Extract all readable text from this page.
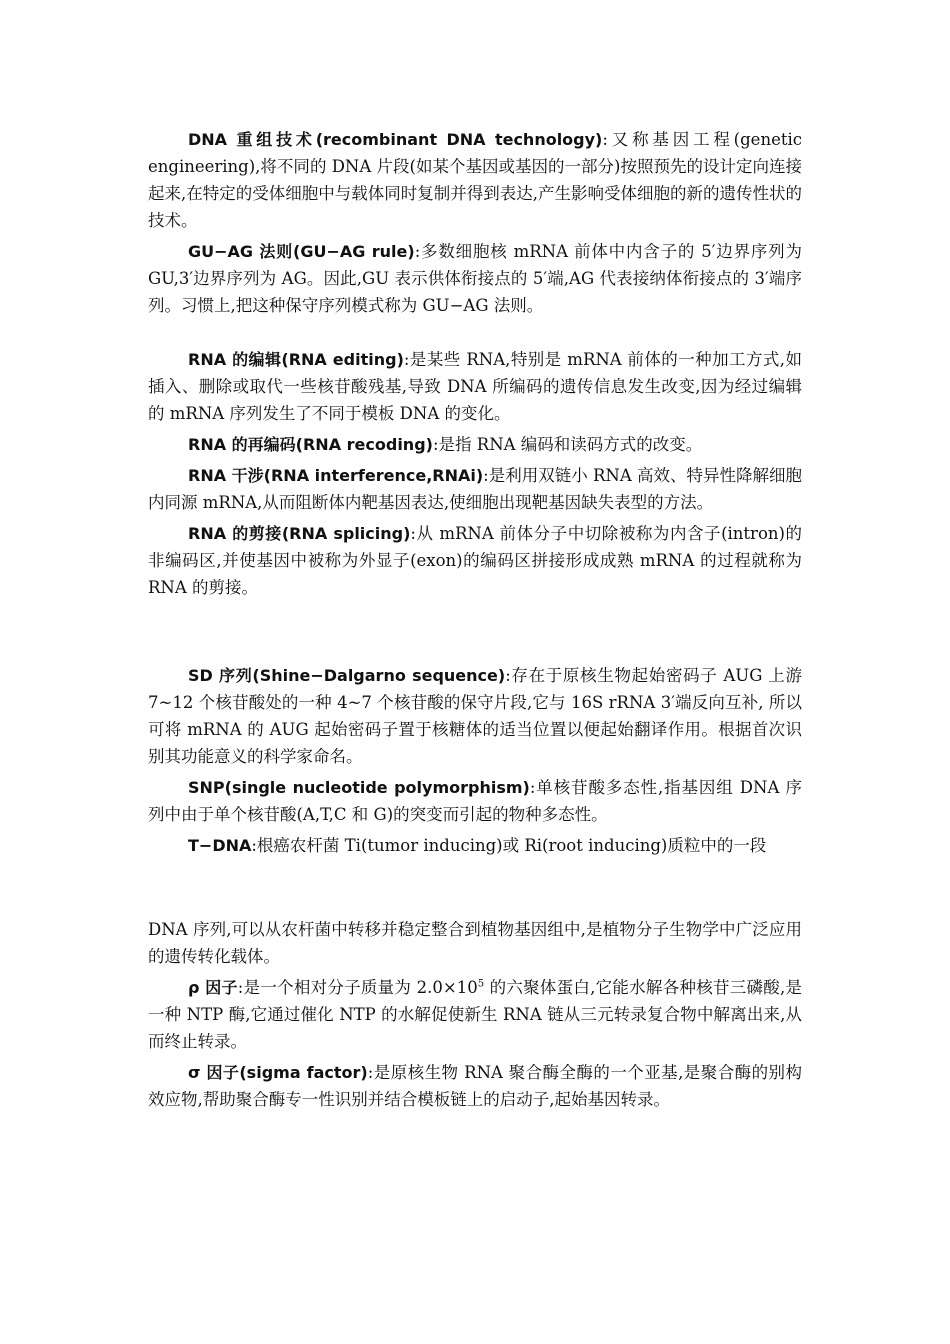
DNA 重组技术(recombinant DNA technology):又称基因工程(genetic engineering),将不同的 DNA 片段(如某个基因或基因的一部分)按照预先的设计定向连接起来,在特定的受体细胞中与载体同时复制并得到表达,产生影响受体细胞的新的遗传性状的技术。

GU−AG 法则(GU−AG rule):多数细胞核 mRNA 前体中内含子的 5′边界序列为 GU,3′边界序列为 AG。因此,GU 表示供体衔接点的 5′端,AG 代表接纳体衔接点的 3′端序列。习惯上,把这种保守序列模式称为 GU−AG 法则。

RNA 的编辑(RNA editing):是某些 RNA,特别是 mRNA 前体的一种加工方式,如插入、删除或取代一些核苷酸残基,导致 DNA 所编码的遗传信息发生改变,因为经过编辑的 mRNA 序列发生了不同于模板 DNA 的变化。

RNA 的再编码(RNA recoding):是指 RNA 编码和读码方式的改变。

RNA 干涉(RNA interference,RNAi):是利用双链小 RNA 高效、特异性降解细胞内同源 mRNA,从而阻断体内靶基因表达,使细胞出现靶基因缺失表型的方法。

RNA 的剪接(RNA splicing):从 mRNA 前体分子中切除被称为内含子(intron)的非编码区,并使基因中被称为外显子(exon)的编码区拼接形成成熟 mRNA 的过程就称为 RNA 的剪接。

SD 序列(Shine−Dalgarno sequence):存在于原核生物起始密码子 AUG 上游 7~12 个核苷酸处的一种 4~7 个核苷酸的保守片段,它与 16S rRNA 3′端反向互补, 所以可将 mRNA 的 AUG 起始密码子置于核糖体的适当位置以便起始翻译作用。根据首次识别其功能意义的科学家命名。

SNP(single nucleotide polymorphism):单核苷酸多态性,指基因组 DNA 序列中由于单个核苷酸(A,T,C 和 G)的突变而引起的物种多态性。

T−DNA:根癌农杆菌 Ti(tumor inducing)或 Ri(root inducing)质粒中的一段

DNA 序列,可以从农杆菌中转移并稳定整合到植物基因组中,是植物分子生物学中广泛应用的遗传转化载体。

ρ 因子:是一个相对分子质量为 $2.0\times 10^5$ 的六聚体蛋白,它能水解各种核苷三磷酸,是一种 NTP 酶,它通过催化 NTP 的水解促使新生 RNA 链从三元转录复合物中解离出来,从而终止转录。

σ 因子(sigma factor):是原核生物 RNA 聚合酶全酶的一个亚基,是聚合酶的别构效应物,帮助聚合酶专一性识别并结合模板链上的启动子,起始基因转录。
